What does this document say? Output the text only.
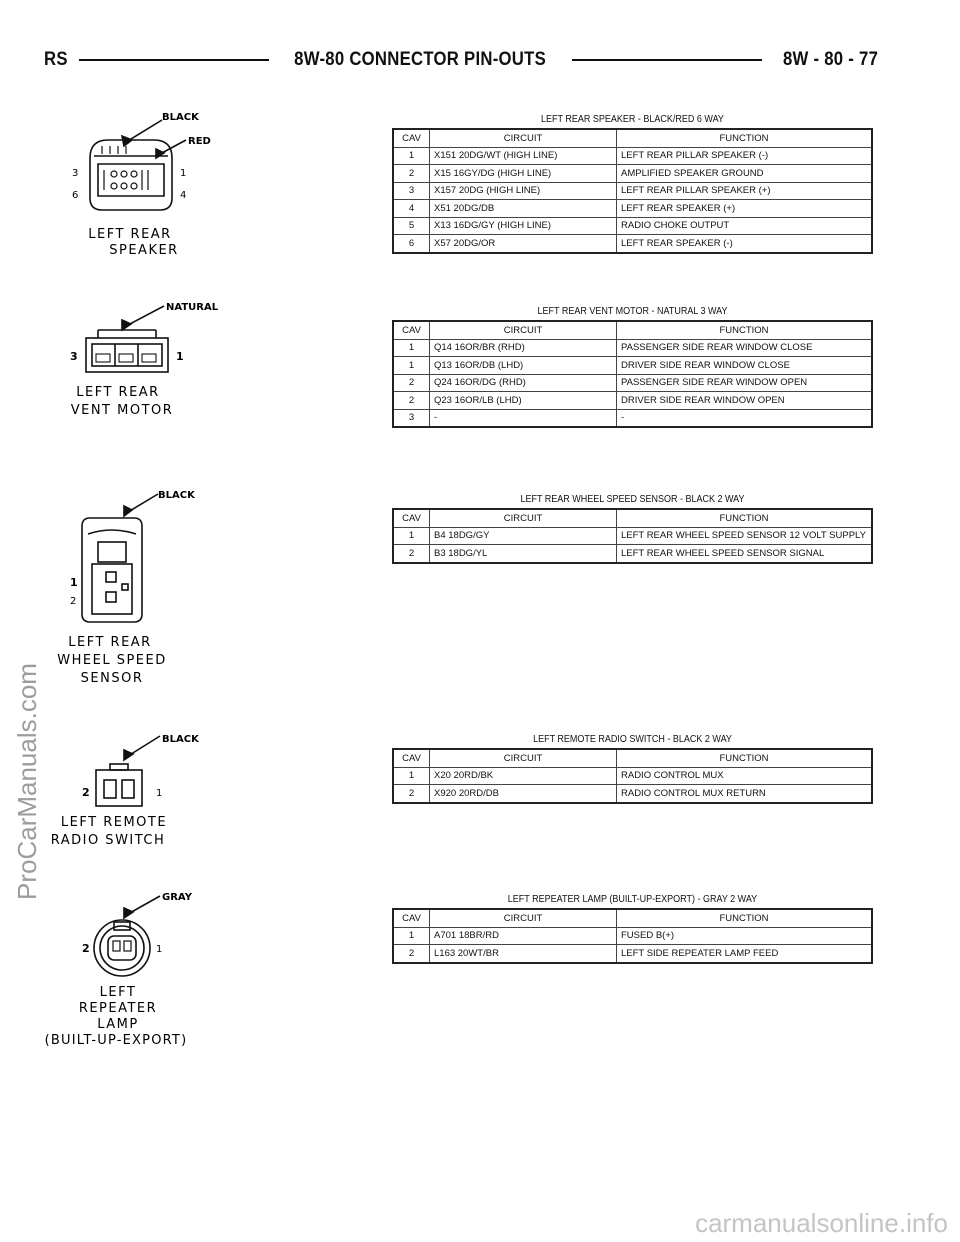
RS	8W-80 CONNECTOR PIN-OUTS	8W - 80 - 77
BLACK
RED
3
6
1
4
LEFT REAR
SPEAKER
LEFT REAR SPEAKER - BLACK/RED 6 WAY
CAV	CIRCUIT	FUNCTION
1	X151 20DG/WT (HIGH LINE)	LEFT REAR PILLAR SPEAKER (-)
2	X15 16GY/DG (HIGH LINE)	AMPLIFIED SPEAKER GROUND
3	X157 20DG (HIGH LINE)	LEFT REAR PILLAR SPEAKER (+)
4	X51 20DG/DB	LEFT REAR SPEAKER (+)
5	X13 16DG/GY (HIGH LINE)	RADIO CHOKE OUTPUT
6	X57 20DG/OR	LEFT REAR SPEAKER (-)
NATURAL
3	1
LEFT REAR
VENT MOTOR
LEFT REAR VENT MOTOR - NATURAL 3 WAY
CAV	CIRCUIT	FUNCTION
1	Q14 16OR/BR (RHD)	PASSENGER SIDE REAR WINDOW CLOSE
1	Q13 16OR/DB (LHD)	DRIVER SIDE REAR WINDOW CLOSE
2	Q24 16OR/DG (RHD)	PASSENGER SIDE REAR WINDOW OPEN
2	Q23 16OR/LB (LHD)	DRIVER SIDE REAR WINDOW OPEN
3	-	-
BLACK
1
2
LEFT REAR
WHEEL SPEED
SENSOR
LEFT REAR WHEEL SPEED SENSOR - BLACK 2 WAY
CAV	CIRCUIT	FUNCTION
1	B4 18DG/GY	LEFT REAR WHEEL SPEED SENSOR 12 VOLT SUPPLY
2	B3 18DG/YL	LEFT REAR WHEEL SPEED SENSOR SIGNAL
BLACK
2	1
LEFT REMOTE
RADIO SWITCH
LEFT REMOTE RADIO SWITCH - BLACK 2 WAY
CAV	CIRCUIT	FUNCTION
1	X20 20RD/BK	RADIO CONTROL MUX
2	X920 20RD/DB	RADIO CONTROL MUX RETURN
GRAY
2	1
LEFT
REPEATER
LAMP
(BUILT-UP-EXPORT)
LEFT REPEATER LAMP (BUILT-UP-EXPORT) - GRAY 2 WAY
CAV	CIRCUIT	FUNCTION
1	A701 18BR/RD	FUSED B(+)
2	L163 20WT/BR	LEFT SIDE REPEATER LAMP FEED
ProCarManuals.com
carmanualsonline.info
